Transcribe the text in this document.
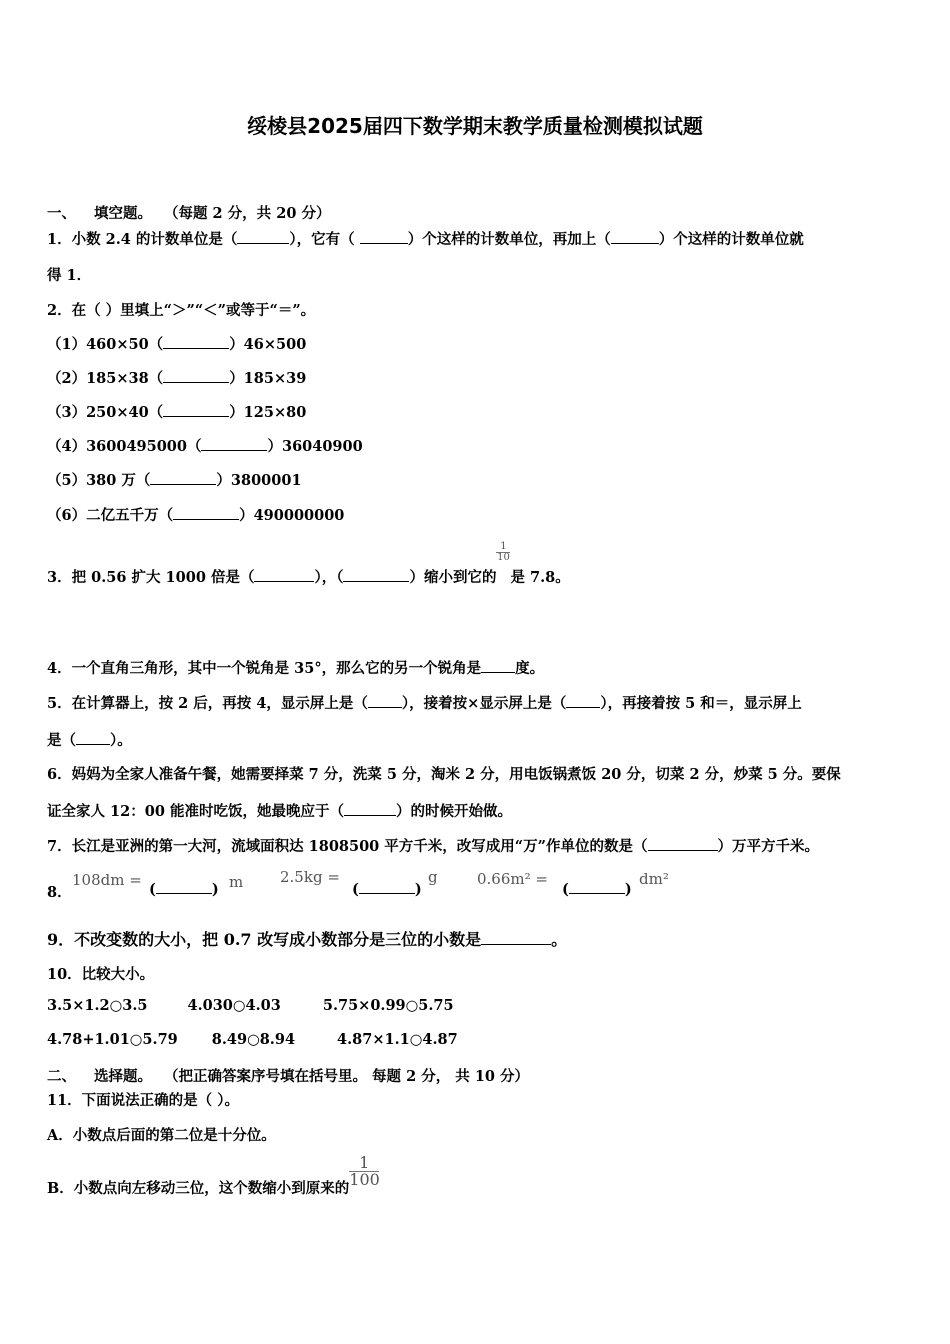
绥棱县2025届四下数学期末教学质量检测模拟试题
一、 填空题。 （每题 2 分，共 20 分）
1．小数 2.4 的计数单位是（	），它有（	）个这样的计数单位，再加上（	）个这样的计数单位就
得 1．
2．在（ ）里填上“＞”“＜”或等于“＝”。
（1）460×50（	）46×500
（2）185×38（	）185×39
（3）250×40（	）125×80
（4）3600495000（	）36040900
（5）380 万（	）3800001
（6）二亿五千万（	）490000000
3．把 0.56 扩大 1000 倍是（	），（	）缩小到它的
$\frac{1}{10}$
是 7.8。
4．一个直角三角形，其中一个锐角是 35°，那么它的另一个锐角是 度。
5．在计算器上，按 2 后，再按 4，显示屏上是（ ），接着按×显示屏上是（ ），再接着按 5 和＝，显示屏上
是（ ）。
6．妈妈为全家人准备午餐，她需要择菜 7 分，洗菜 5 分，淘米 2 分，用电饭锅煮饭 20 分，切菜 2 分，炒菜 5 分。要保
证全家人 12：00 能准时吃饭，她最晚应于（	）的时候开始做。
7．长江是亚洲的第一大河，流域面积达 1808500 平方千米，改写成用“万”作单位的数是（	）万平方千米。
8．
108dm =
(	) m 2.5kg =
(	)
g	0.66m² =
(	)
dm²
9．不改变数的大小，把 0.7 改写成小数部分是三位的小数是	。
10．比较大小。
3.5×1.2○3.5	4.030○4.03	5.75×0.99○5.75
4.78+1.01○5.79 8.49○8.94	4.87×1.1○4.87
二、 选择题。 （把正确答案序号填在括号里。 每题 2 分， 共 10 分）
11．下面说法正确的是（ ）。
A．小数点后面的第二位是十分位。
B．小数点向左移动三位，这个数缩小到原来的
$\frac{1}{100}$
